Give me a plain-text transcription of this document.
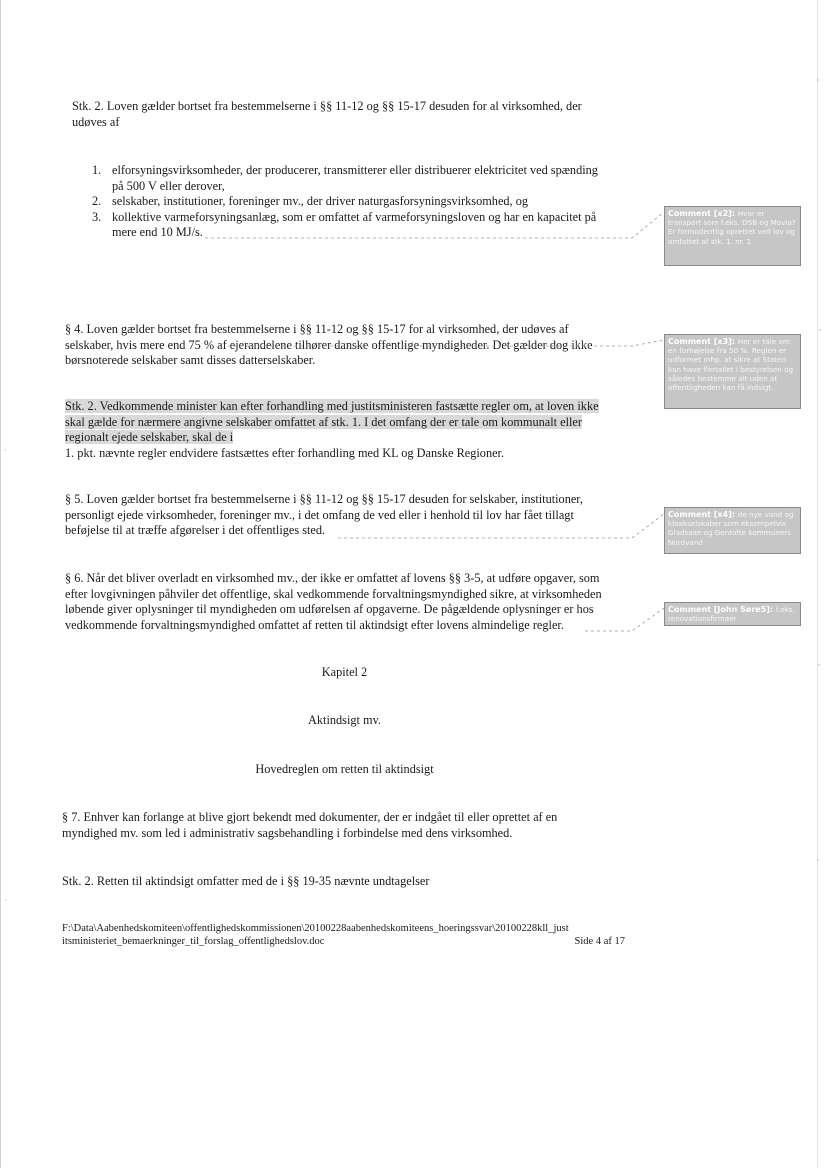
Stk. 2. Loven gælder bortset fra bestemmelserne i §§ 11-12 og §§ 15-17 desuden for al virksomhed, der
udøves af
1. elforsyningsvirksomheder, der producerer, transmitterer eller distribuerer elektricitet ved spænding
på 500 V eller derover,
2. selskaber, institutioner, foreninger mv., der driver naturgasforsyningsvirksomhed, og
3. kollektive varmeforsyningsanlæg, som er omfattet af varmeforsyningsloven og har en kapacitet på
mere end 10 MJ/s.
§ 4. Loven gælder bortset fra bestemmelserne i §§ 11-12 og §§ 15-17 for al virksomhed, der udøves af
selskaber, hvis mere end 75 % af ejerandelene tilhører danske offentlige myndigheder. Det gælder dog ikke
børsnoterede selskaber samt disses datterselskaber.
Stk. 2. Vedkommende minister kan efter forhandling med justitsministeren fastsætte regler om, at loven ikke
skal gælde for nærmere angivne selskaber omfattet af stk. 1. I det omfang der er tale om kommunalt eller
regionalt ejede selskaber, skal de i
1. pkt. nævnte regler endvidere fastsættes efter forhandling med KL og Danske Regioner.
§ 5. Loven gælder bortset fra bestemmelserne i §§ 11-12 og §§ 15-17 desuden for selskaber, institutioner,
personligt ejede virksomheder, foreninger mv., i det omfang de ved eller i henhold til lov har fået tillagt
beføjelse til at træffe afgørelser i det offentliges sted.
§ 6. Når det bliver overladt en virksomhed mv., der ikke er omfattet af lovens §§ 3-5, at udføre opgaver, som
efter lovgivningen påhviler det offentlige, skal vedkommende forvaltningsmyndighed sikre, at virksomheden
løbende giver oplysninger til myndigheden om udførelsen af opgaverne. De pågældende oplysninger er hos
vedkommende forvaltningsmyndighed omfattet af retten til aktindsigt efter lovens almindelige regler.
Kapitel 2
Aktindsigt mv.
Hovedreglen om retten til aktindsigt
§ 7. Enhver kan forlange at blive gjort bekendt med dokumenter, der er indgået til eller oprettet af en
myndighed mv. som led i administrativ sagsbehandling i forbindelse med dens virksomhed.
Stk. 2. Retten til aktindsigt omfatter med de i §§ 19-35 nævnte undtagelser
F:\Data\Aabenhedskomiteen\offentlighedskommissionen\20100228aabenhedskomiteens_hoeringssvar\20100228kll_just
itsministeriet_bemaerkninger_til_forslag_offentlighedslov.doc	Side 4 af 17
Comment [x2]: Hvor er transport som f.eks. DSB og Movia? Er formodentlig oprettet ved lov og omfattet af stk. 1. nr. 1
Comment [x3]: Her er tale om en forhøjelse fra 50 %. Reglen er udformet mhp. at sikre at Staten kan have flertallet i bestyrelsen og således bestemme alt uden at offentligheden kan få indsigt.
Comment [x4]: de nye vand og kloakselskaber som eksempelvis Gladsaxe og Gentofte kommuners Nordvand
Comment [John Søre5]: f.eks. renovationsfirmaer
